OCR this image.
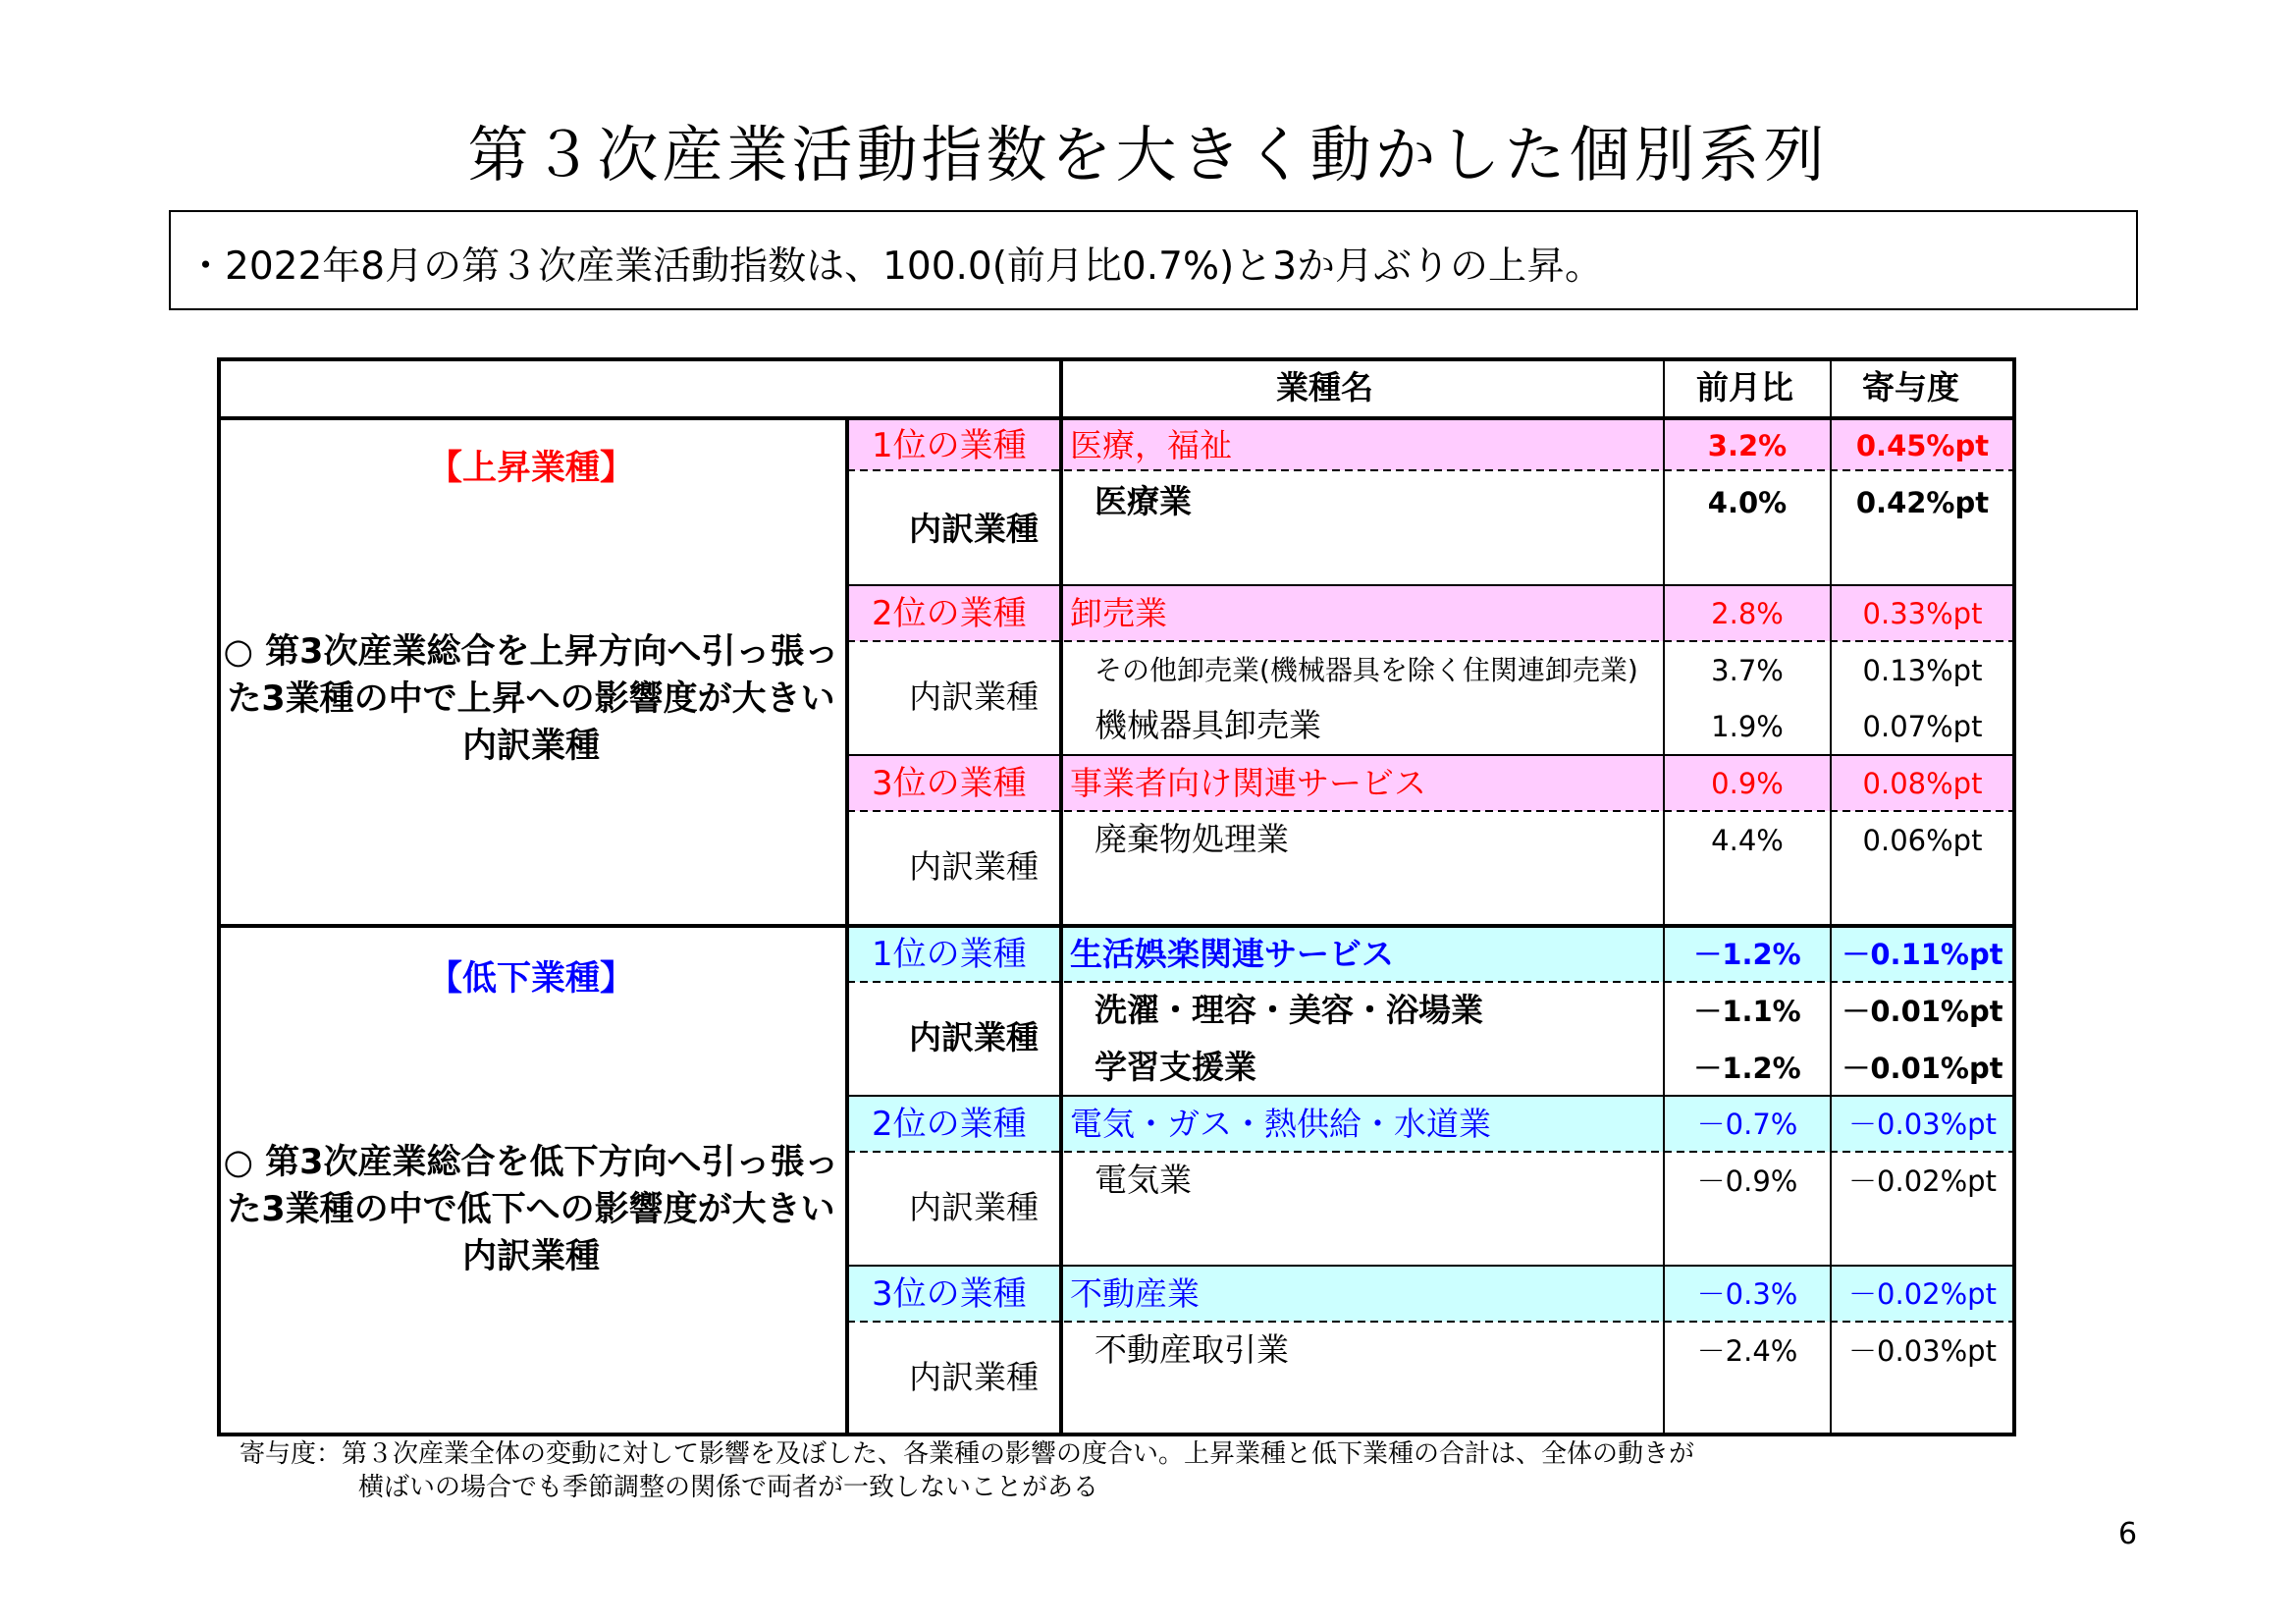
第３次産業活動指数を大きく動かした個別系列
・2022年8月の第３次産業活動指数は、100.0(前月比0.7%)と3か月ぶりの上昇。
業種名	前月比 寄与度
【上昇業種】
○ 第3次産業総合を上昇方向へ引っ張った3業種の中で上昇への影響度が大きい内訳業種
【低下業種】
○ 第3次産業総合を低下方向へ引っ張った3業種の中で低下への影響度が大きい内訳業種
1位の業種 医療，福祉	3.2%	0.45%pt
内訳業種
医療業	4.0%	0.42%pt
2位の業種 卸売業	2.8%	0.33%pt
内訳業種
その他卸売業(機械器具を除く住関連卸売業)	3.7%	0.13%pt
機械器具卸売業	1.9%	0.07%pt
3位の業種 事業者向け関連サービス	0.9%	0.08%pt
内訳業種
廃棄物処理業	4.4%	0.06%pt
1位の業種 生活娯楽関連サービス	－1.2%	－0.11%pt
内訳業種
洗濯・理容・美容・浴場業	－1.1%	－0.01%pt
学習支援業	－1.2%	－0.01%pt
2位の業種 電気・ガス・熱供給・水道業	－0.7%	－0.03%pt
内訳業種
電気業	－0.9%	－0.02%pt
3位の業種 不動産業	－0.3%	－0.02%pt
内訳業種
不動産取引業	－2.4%	－0.03%pt
寄与度：第３次産業全体の変動に対して影響を及ぼした、各業種の影響の度合い。上昇業種と低下業種の合計は、全体の動きが
横ばいの場合でも季節調整の関係で両者が一致しないことがある
6
